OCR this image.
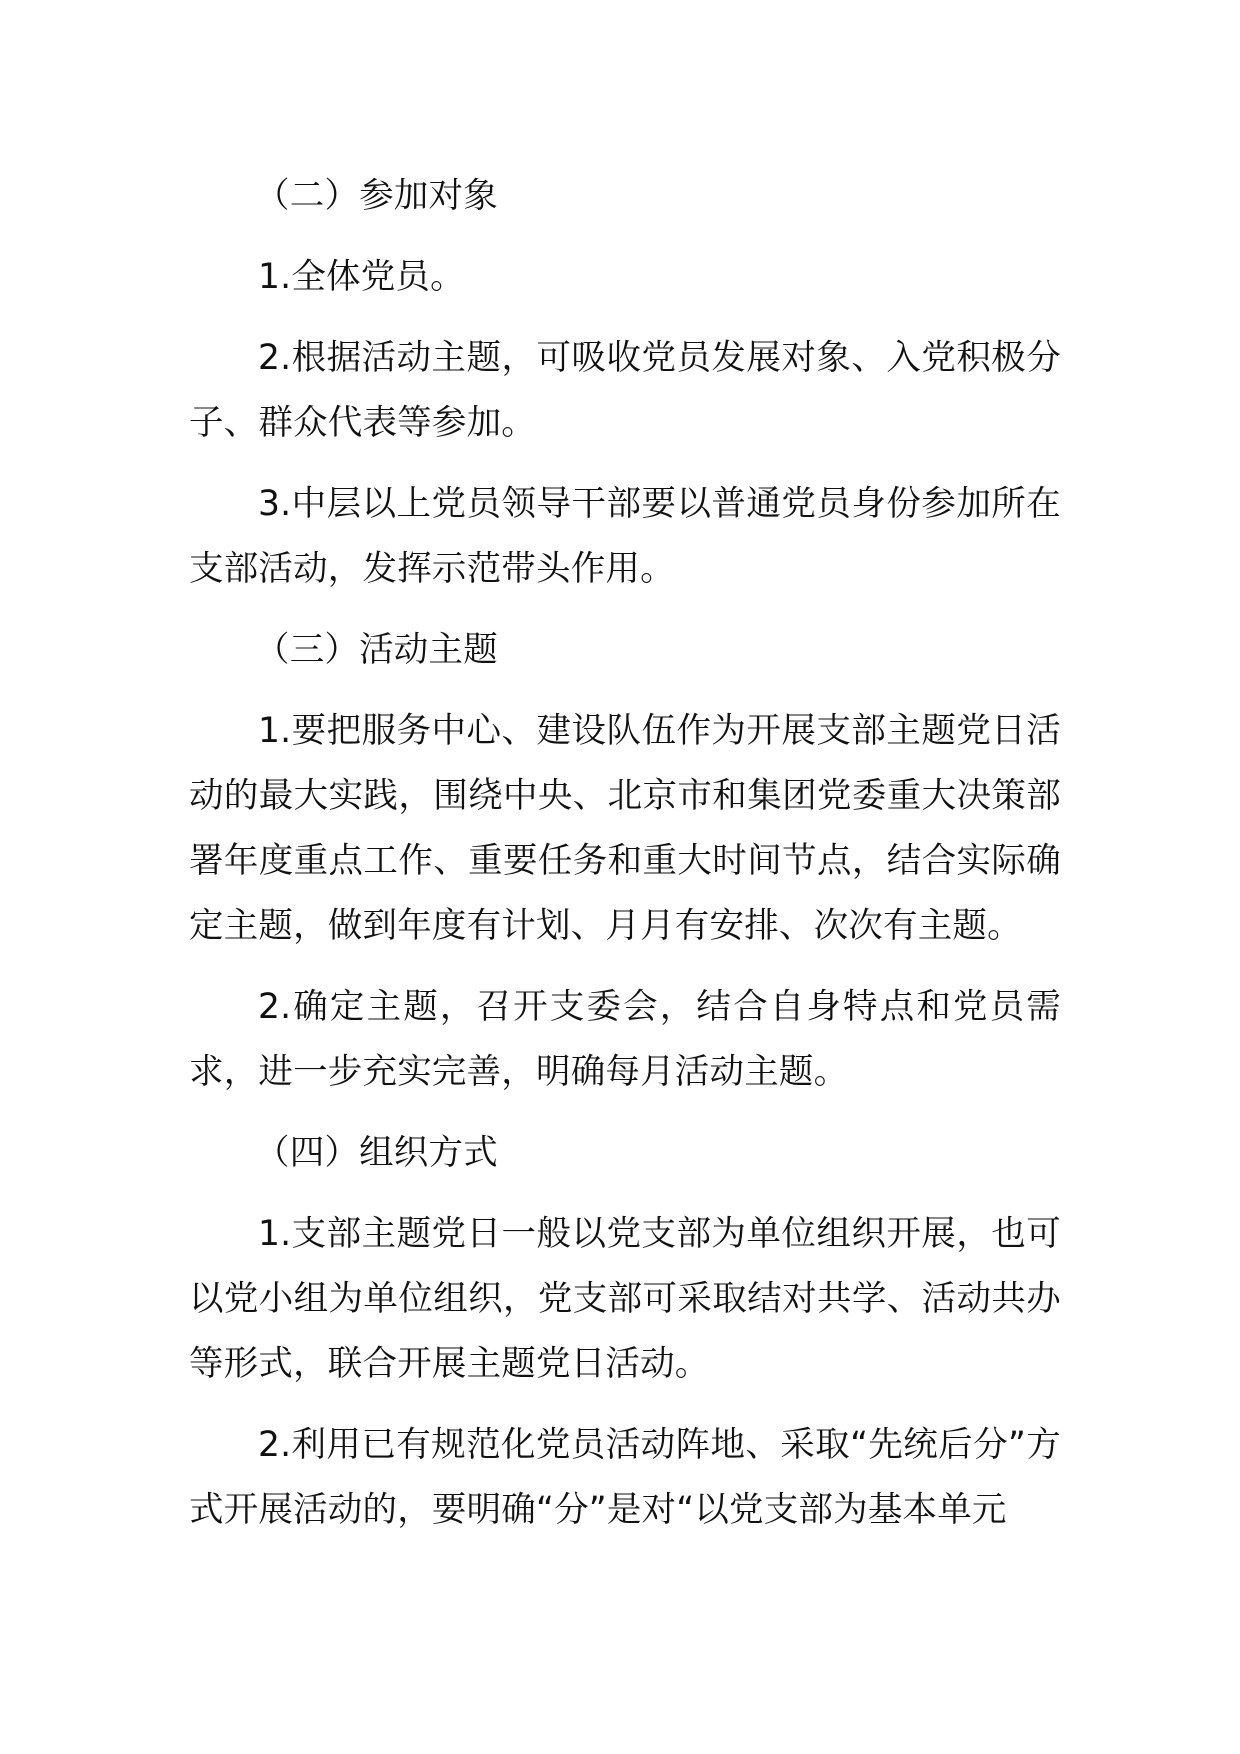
（二）参加对象

1.全体党员。

2.根据活动主题，可吸收党员发展对象、入党积极分子、群众代表等参加。

3.中层以上党员领导干部要以普通党员身份参加所在支部活动，发挥示范带头作用。

（三）活动主题

1.要把服务中心、建设队伍作为开展支部主题党日活动的最大实践，围绕中央、北京市和集团党委重大决策部署年度重点工作、重要任务和重大时间节点，结合实际确定主题，做到年度有计划、月月有安排、次次有主题。

2.确定主题，召开支委会，结合自身特点和党员需求，进一步充实完善，明确每月活动主题。

（四）组织方式

1.支部主题党日一般以党支部为单位组织开展，也可以党小组为单位组织，党支部可采取结对共学、活动共办等形式，联合开展主题党日活动。

2.利用已有规范化党员活动阵地、采取“先统后分”方式开展活动的，要明确“分”是对“以党支部为基本单元
